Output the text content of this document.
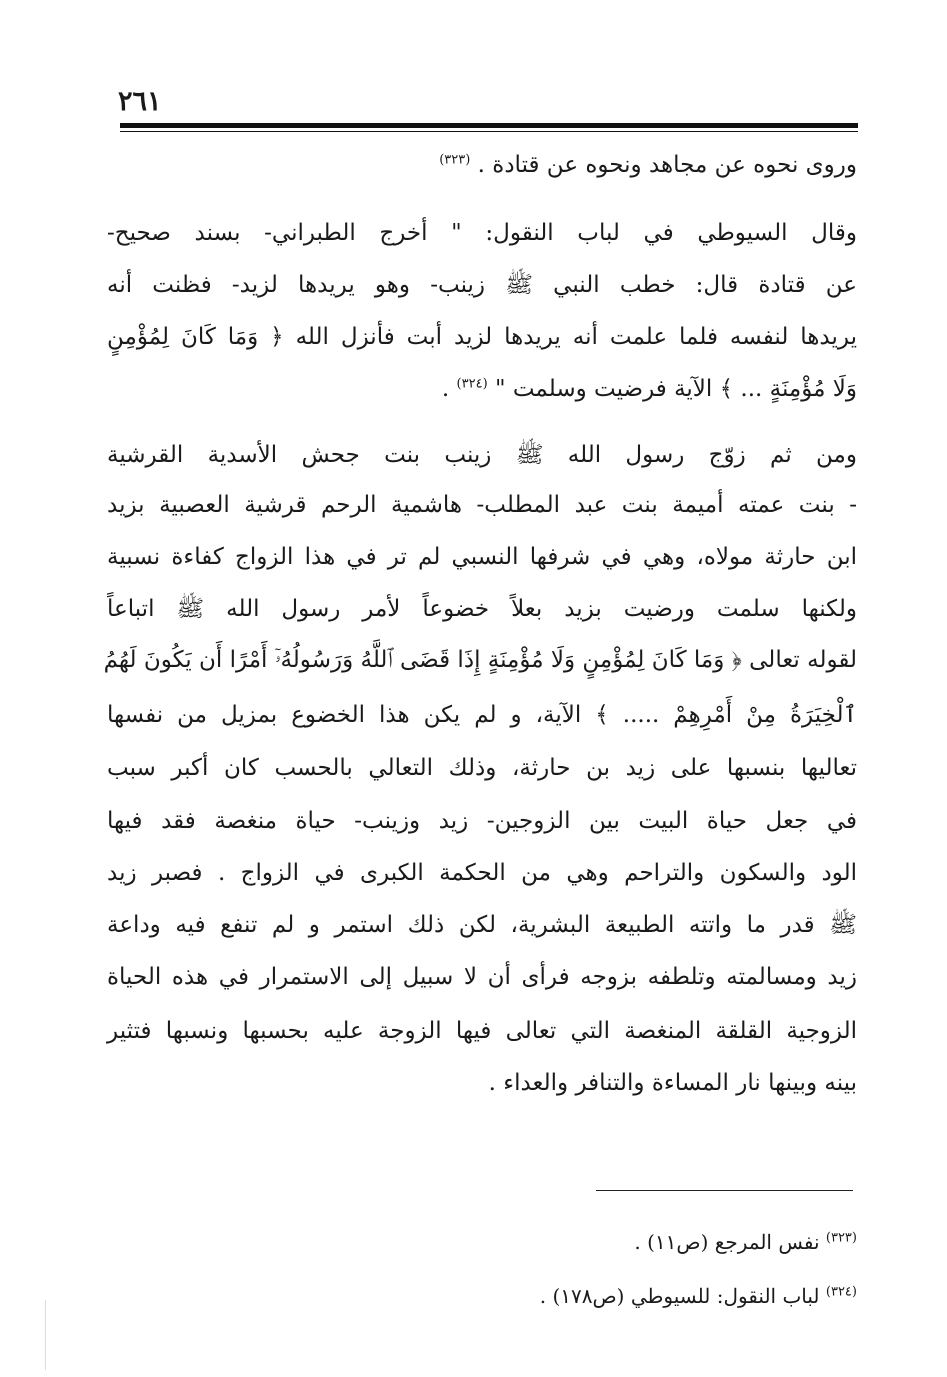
٢٦١
وروى نحوه عن مجاهد ونحوه عن قتادة . $^{(٣٢٣)}$
وقال السيوطي في لباب النقول: " أخرج الطبراني- بسند صحيح-
عن قتادة قال: خطب النبي ﷺ زينب- وهو يريدها لزيد- فظنت أنه
يريدها لنفسه فلما علمت أنه يريدها لزيد أبت فأنزل الله ﴿ وَمَا كَانَ لِمُؤْمِنٍ
وَلَا مُؤْمِنَةٍ ... ﴾ الآية فرضيت وسلمت " $^{(٣٢٤)}$ .
ومن ثم زوّج رسول الله ﷺ زينب بنت جحش الأسدية القرشية
- بنت عمته أميمة بنت عبد المطلب- هاشمية الرحم قرشية العصبية بزيد
ابن حارثة مولاه، وهي في شرفها النسبي لم تر في هذا الزواج كفاءة نسبية
ولكنها سلمت ورضيت بزيد بعلاً خضوعاً لأمر رسول الله ﷺ اتباعاً
لقوله تعالى ﴿ وَمَا كَانَ لِمُؤْمِنٍ وَلَا مُؤْمِنَةٍ إِذَا قَضَى ٱللَّهُ وَرَسُولُهُۥٓ أَمْرًا أَن يَكُونَ لَهُمُ
ٱلْخِيَرَةُ مِنْ أَمْرِهِمْ ..... ﴾ الآية، و لم يكن هذا الخضوع بمزيل من نفسها
تعاليها بنسبها على زيد بن حارثة، وذلك التعالي بالحسب كان أكبر سبب
في جعل حياة البيت بين الزوجين- زيد وزينب- حياة منغصة فقد فيها
الود والسكون والتراحم وهي من الحكمة الكبرى في الزواج . فصبر زيد
ﷺ قدر ما واتته الطبيعة البشرية، لكن ذلك استمر و لم تنفع فيه وداعة
زيد ومسالمته وتلطفه بزوجه فرأى أن لا سبيل إلى الاستمرار في هذه الحياة
الزوجية القلقة المنغصة التي تعالى فيها الزوجة عليه بحسبها ونسبها فتثير
بينه وبينها نار المساءة والتنافر والعداء .
$^{(٣٢٣)}$ نفس المرجع (ص١١) .
$^{(٣٢٤)}$ لباب النقول: للسيوطي (ص١٧٨) .
